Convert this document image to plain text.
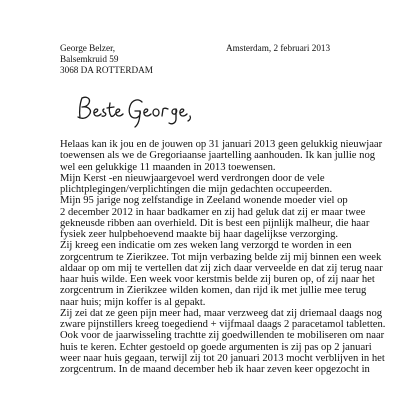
George Belzer,
Balsemkruid 59
3068 DA ROTTERDAM
Amsterdam, 2 februari 2013
Helaas kan ik jou en de jouwen op 31 januari 2013 geen gelukkig nieuwjaar
toewensen als we de Gregoriaanse jaartelling aanhouden. Ik kan jullie nog
wel een gelukkige 11 maanden in 2013 toewensen.
Mijn Kerst -en nieuwjaargevoel werd verdrongen door de vele
plichtplegingen/verplichtingen die mijn gedachten occupeerden.
Mijn 95 jarige nog zelfstandige in Zeeland wonende moeder viel op
2 december 2012 in haar badkamer en zij had geluk dat zij er maar twee
gekneusde ribben aan overhield. Dit is best een pijnlijk malheur, die haar
fysiek zeer hulpbehoevend maakte bij haar dagelijkse verzorging.
Zij kreeg een indicatie om zes weken lang verzorgd te worden in een
zorgcentrum te Zierikzee. Tot mijn verbazing belde zij mij binnen een week
aldaar op om mij te vertellen dat zij zich daar verveelde en dat zij terug naar
haar huis wilde. Een week voor kerstmis belde zij buren op, of zij naar het
zorgcentrum in Zierikzee wilden komen, dan rijd ik met jullie mee terug
naar huis; mijn koffer is al gepakt.
Zij zei dat ze geen pijn meer had, maar verzweeg dat zij driemaal daags nog
zware pijnstillers kreeg toegediend + vijfmaal daags 2 paracetamol tabletten.
Ook voor de jaarwisseling trachtte zij goedwillenden te mobiliseren om naar
huis te keren. Echter gestoeld op goede argumenten is zij pas op 2 januari
weer naar huis gegaan, terwijl zij tot 20 januari 2013 mocht verblijven in het
zorgcentrum. In de maand december heb ik haar zeven keer opgezocht in
